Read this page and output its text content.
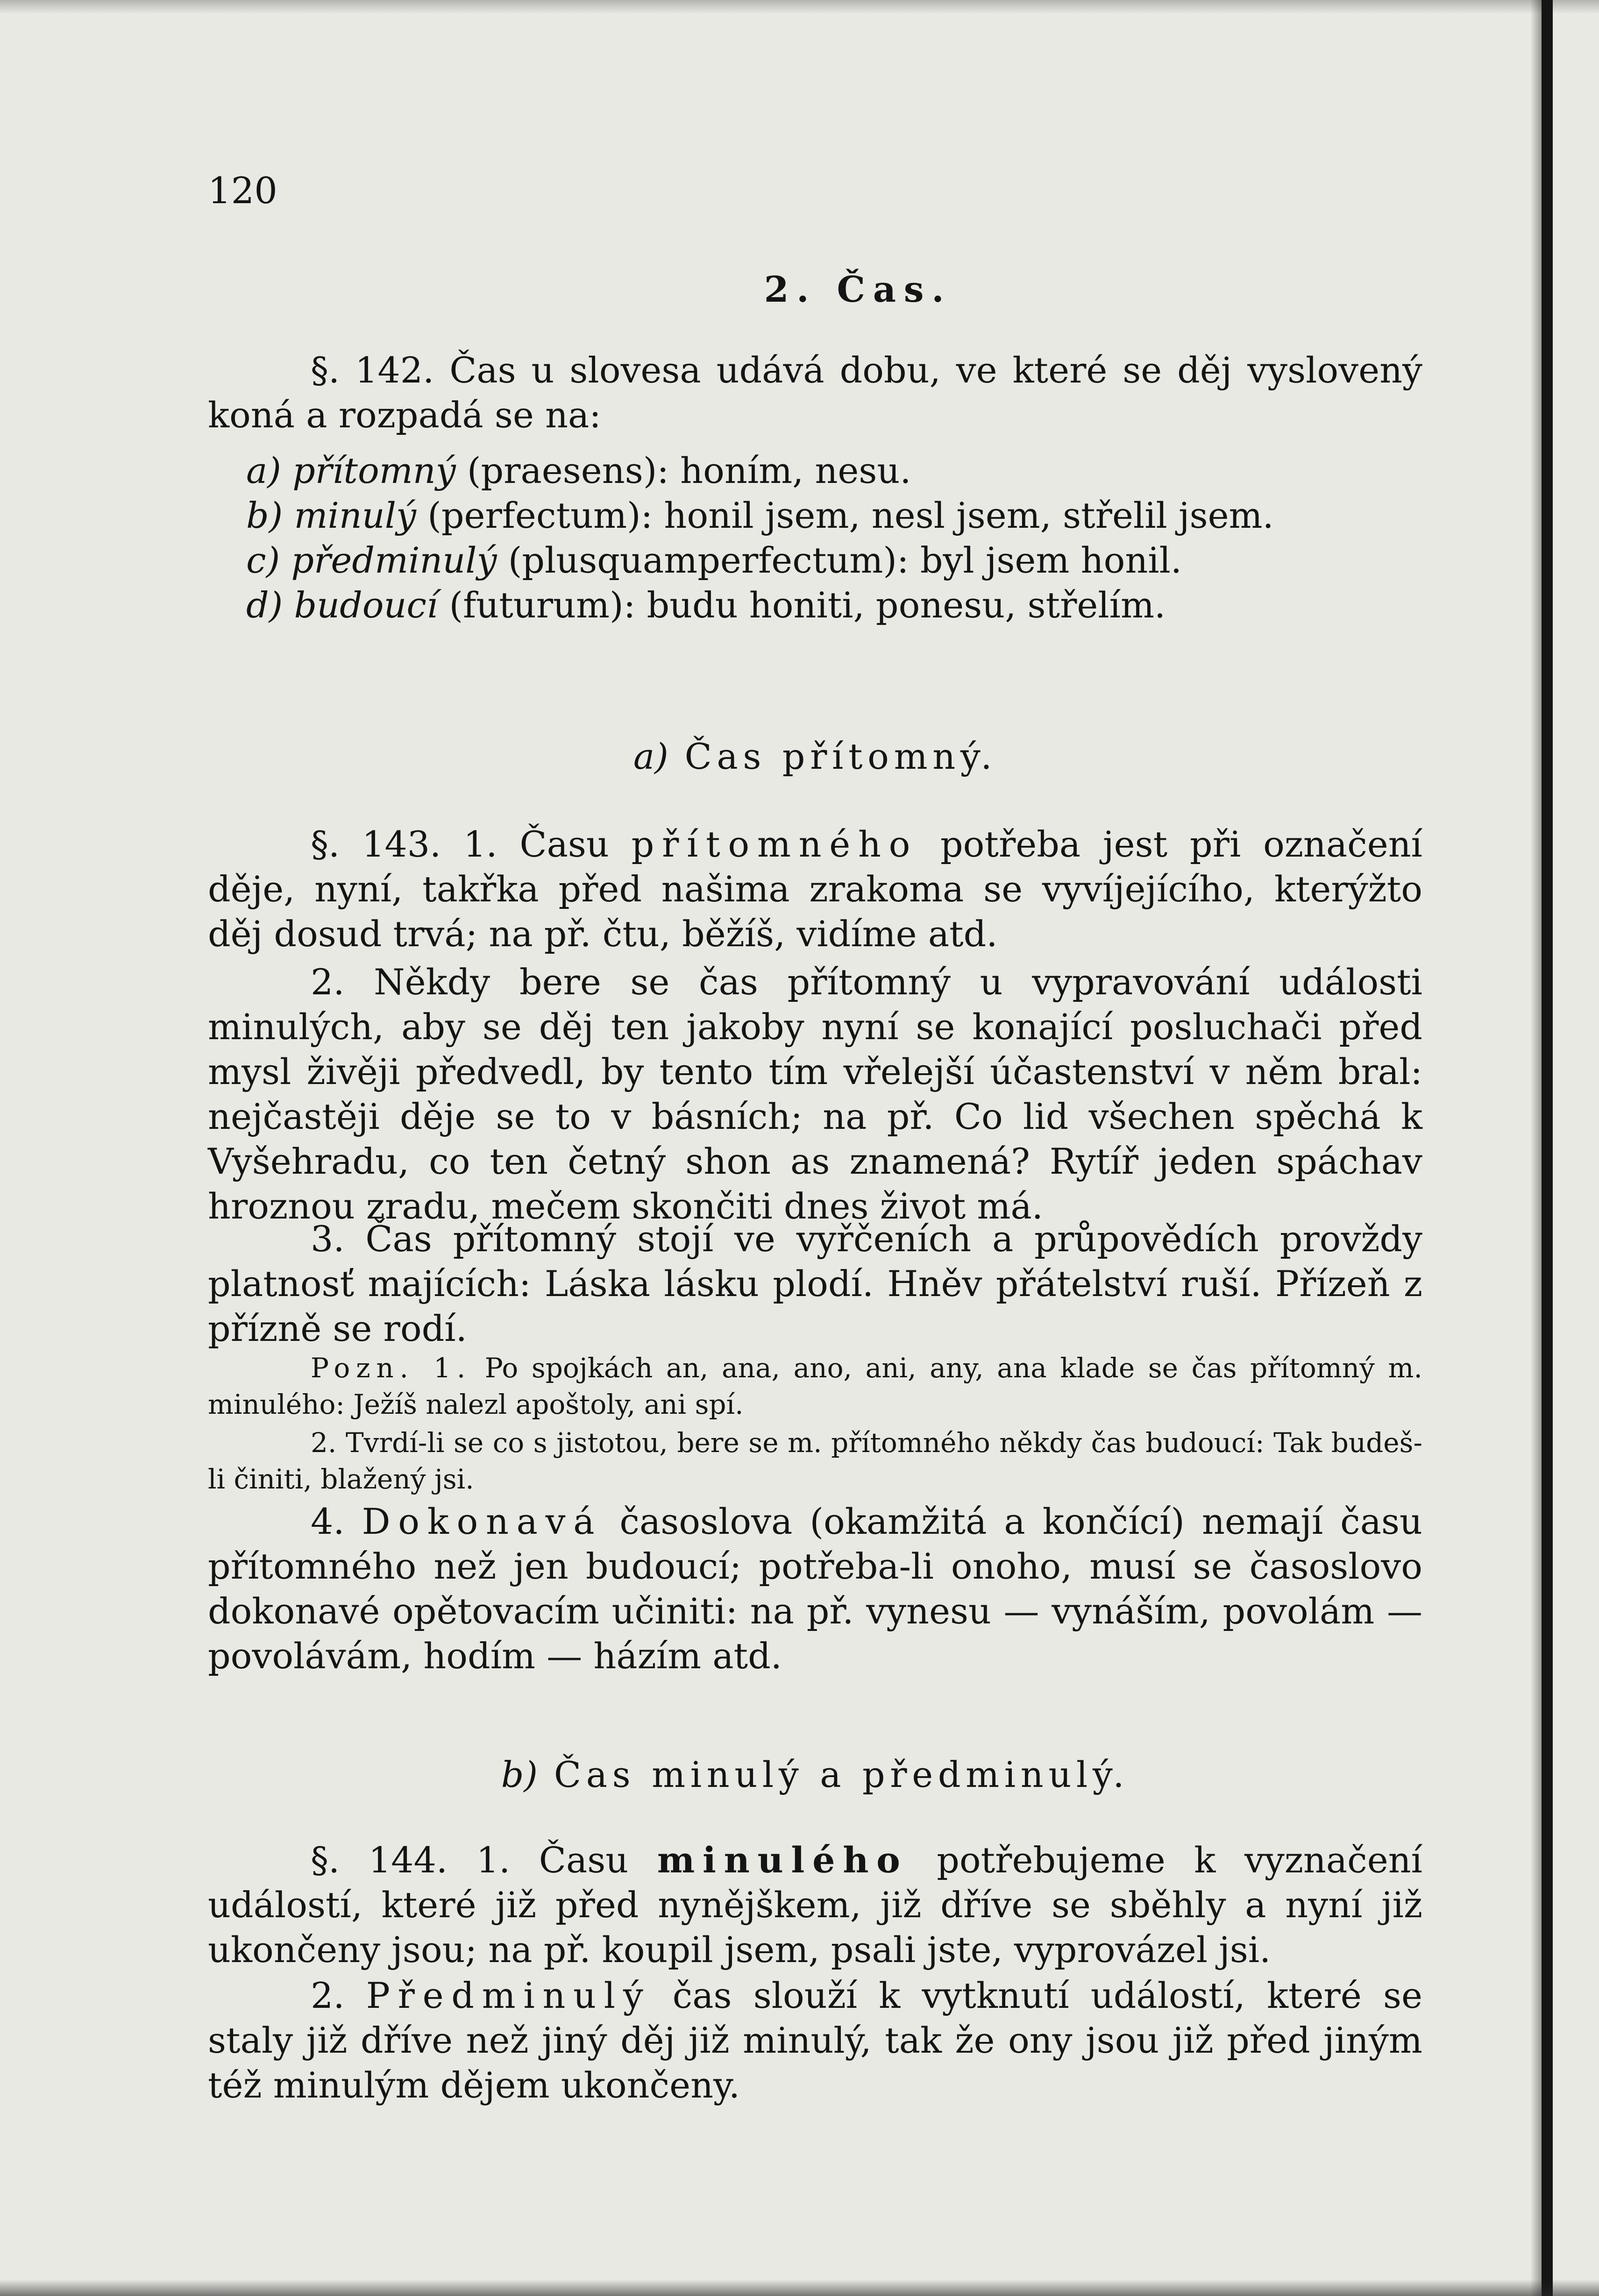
120
2. Čas.
§. 142. Čas u slovesa udává dobu, ve které se děj vyslovený koná a rozpadá se na:
a) přítomný (praesens): honím, nesu.
b) minulý (perfectum): honil jsem, nesl jsem, střelil jsem.
c) předminulý (plusquamperfectum): byl jsem honil.
d) budoucí (futurum): budu honiti, ponesu, střelím.
a) Čas přítomný.
§. 143. 1. Času přítomného potřeba jest při označení děje, nyní, takřka před našima zrakoma se vyvíjejícího, kterýžto děj dosud trvá; na př. čtu, běžíš, vidíme atd.
2. Někdy bere se čas přítomný u vypravování události minulých, aby se děj ten jakoby nyní se konající posluchači před mysl živěji předvedl, by tento tím vřelejší účastenství v něm bral: nejčastěji děje se to v básních; na př. Co lid všechen spěchá k Vyšehradu, co ten četný shon as znamená? Rytíř jeden spáchav hroznou zradu, mečem skončiti dnes život má.
3. Čas přítomný stojí ve vyřčeních a průpovědích provždy platnosť majících: Láska lásku plodí. Hněv přátelství ruší. Přízeň z přízně se rodí.
Pozn. 1. Po spojkách an, ana, ano, ani, any, ana klade se čas přítomný m. minulého: Ježíš nalezl apoštoly, ani spí.
2. Tvrdí-li se co s jistotou, bere se m. přítomného někdy čas budoucí: Tak budeš-li činiti, blažený jsi.
4. Dokonavá časoslova (okamžitá a končící) nemají času přítomného než jen budoucí; potřeba-li onoho, musí se časoslovo dokonavé opětovacím učiniti: na př. vynesu — vynáším, povolám — povolávám, hodím — házím atd.
b) Čas minulý a předminulý.
§. 144. 1. Času minulého potřebujeme k vyznačení událostí, které již před nynějškem, již dříve se sběhly a nyní již ukončeny jsou; na př. koupil jsem, psali jste, vyprovázel jsi.
2. Předminulý čas slouží k vytknutí událostí, které se staly již dříve než jiný děj již minulý, tak že ony jsou již před jiným též minulým dějem ukončeny.
